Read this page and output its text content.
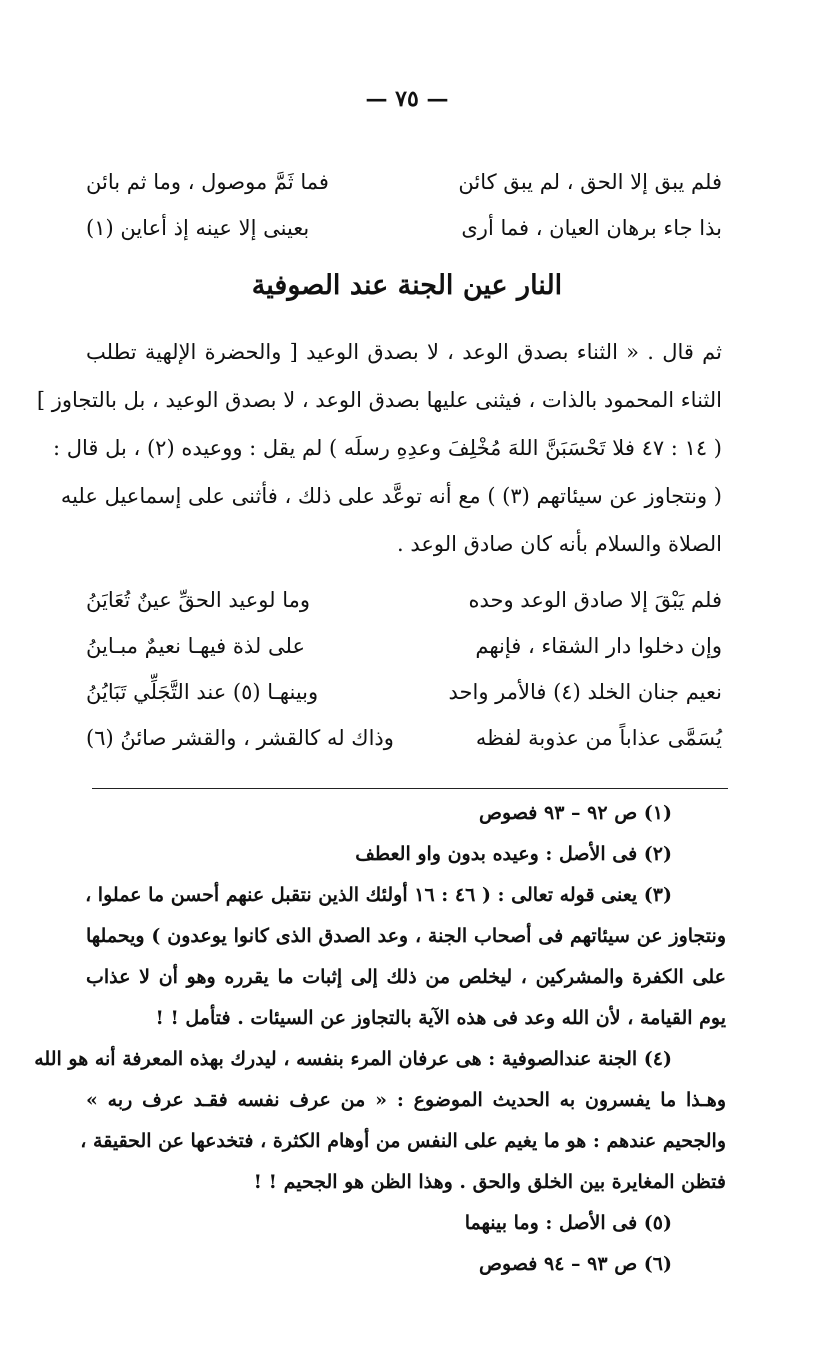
— ٧٥ —
فلم يبق إلا الحق ، لم يبق كائن
فما ثَمَّ موصول ، وما ثم بائن
بذا جاء برهان العيان ، فما أرى
بعينى إلا عينه إذ أعاين (١)
النار عين الجنة عند الصوفية
ثم قال . « الثناء بصدق الوعد ، لا بصدق الوعيد [ والحضرة الإلهية تطلب
الثناء المحمود بالذات ، فيثنى عليها بصدق الوعد ، لا بصدق الوعيد ، بل بالتجاوز ]
( ١٤ : ٤٧ فلا تَحْسَبَنَّ اللهَ مُخْلِفَ وعدِهِ رسلَه ) لم يقل : ووعيده (٢) ، بل قال :
( ونتجاوز عن سيئاتهم (٣) ) مع أنه توعَّد على ذلك ، فأثنى على إسماعيل عليه
الصلاة والسلام بأنه كان صادق الوعد .
فلم يَبْقَ إلا صادق الوعد وحده
وما لوعيد الحقِّ عينٌ تُعَايَنُ
وإن دخلوا دار الشقاء ، فإنهم
على لذة فيهـا نعيمٌ مبـاينُ
نعيم جنان الخلد (٤) فالأمر واحد
وبينهـا (٥) عند التَّجَلِّي تَبَايُنُ
يُسَمَّى عذاباً من عذوبة لفظه
وذاك له كالقشر ، والقشر صائنُ (٦)
(١) ص ٩٢ – ٩٣ فصوص
(٢) فى الأصل : وعيده بدون واو العطف
(٣) يعنى قوله تعالى : ( ٤٦ : ١٦ أولئك الذين نتقبل عنهم أحسن ما عملوا ،
ونتجاوز عن سيئاتهم فى أصحاب الجنة ، وعد الصدق الذى كانوا يوعدون ) ويحملها
على الكفرة والمشركين ، ليخلص من ذلك إلى إثبات ما يقرره وهو أن لا عذاب
يوم القيامة ، لأن الله وعد فى هذه الآية بالتجاوز عن السيئات . فتأمل ! !
(٤) الجنة عندالصوفية : هى عرفان المرء بنفسه ، ليدرك بهذه المعرفة أنه هو الله
وهـذا ما يفسرون به الحديث الموضوع : « من عرف نفسه فقـد عرف ربه »
والجحيم عندهم : هو ما يغيم على النفس من أوهام الكثرة ، فتخدعها عن الحقيقة ،
فتظن المغايرة بين الخلق والحق . وهذا الظن هو الجحيم ! !
(٥) فى الأصل : وما بينهما
(٦) ص ٩٣ – ٩٤ فصوص
